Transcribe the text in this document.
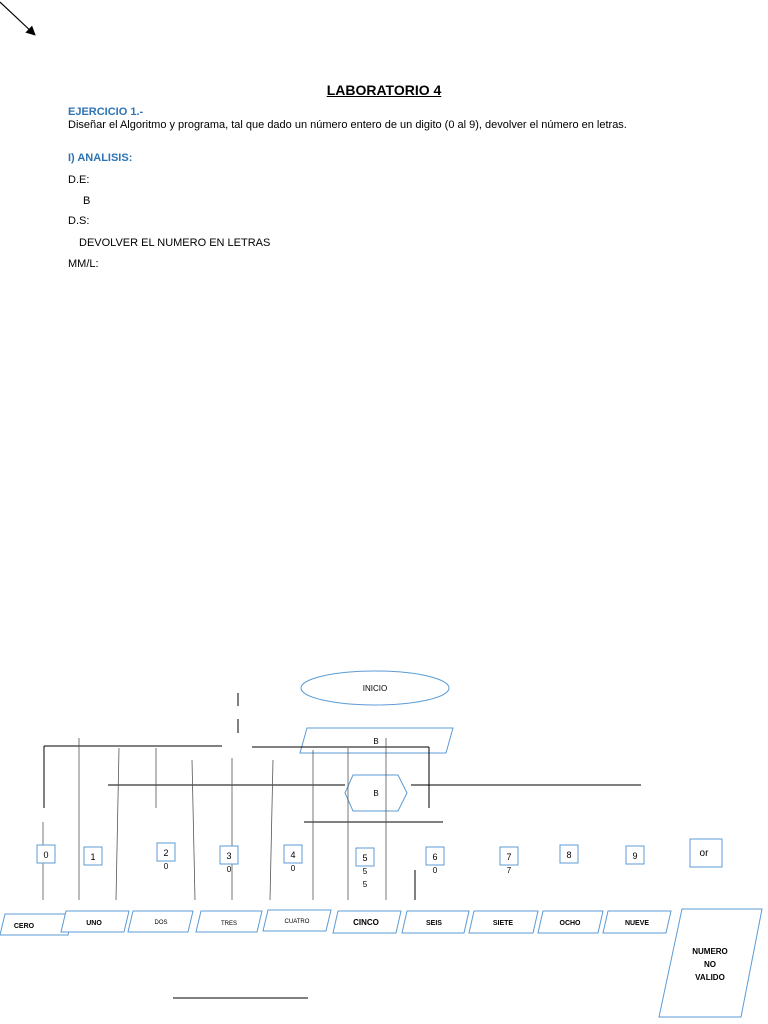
LABORATORIO 4
EJERCICIO 1.-
Diseñar el Algoritmo y programa, tal que dado un número entero de un digito (0 al 9), devolver el número en letras.
I) ANALISIS:
D.E:
B
D.S:
DEVOLVER EL NUMERO EN LETRAS
MM/L:
INICIO
B
B
0	1	2	3	4	5	6	7	8	9	or
0	0	0	5
5
0	7
CERO	UNO	DOS	TRES	CUATRO	CINCO	SEIS	SIETE	OCHO	NUEVE
NUMERO
NO
VALIDO
